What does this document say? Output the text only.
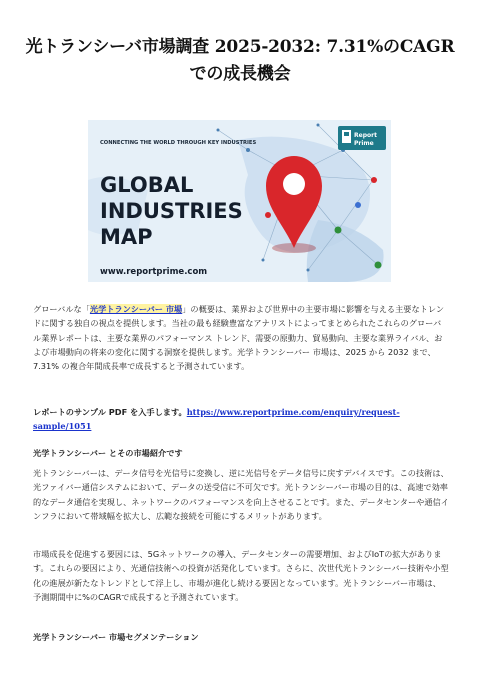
光トランシーバ市場調査 2025-2032: 7.31%のCAGRでの成長機会
CONNECTING THE WORLD THROUGH KEY INDUSTRIES
GLOBAL
INDUSTRIES
MAP
www.reportprime.com
Report
Prime
グローバルな「光学トランシーバー 市場」の概要は、業界および世界中の主要市場に影響を与える主要なトレンドに関する独自の視点を提供します。当社の最も経験豊富なアナリストによってまとめられたこれらのグローバル業界レポートは、主要な業界のパフォーマンス トレンド、需要の原動力、貿易動向、主要な業界ライバル、および市場動向の将来の変化に関する洞察を提供します。光学トランシーバー 市場は、2025 から 2032 まで、7.31% の複合年間成長率で成長すると予測されています。
レポートのサンプル PDF を入手します。https://www.reportprime.com/enquiry/request-sample/1051
光学トランシーバー とその市場紹介です
光トランシーバーは、データ信号を光信号に変換し、逆に光信号をデータ信号に戻すデバイスです。この技術は、光ファイバー通信システムにおいて、データの送受信に不可欠です。光トランシーバー市場の目的は、高速で効率的なデータ通信を実現し、ネットワークのパフォーマンスを向上させることです。また、データセンターや通信インフラにおいて帯域幅を拡大し、広範な接続を可能にするメリットがあります。
市場成長を促進する要因には、5Gネットワークの導入、データセンターの需要増加、およびIoTの拡大があります。これらの要因により、光通信技術への投資が活発化しています。さらに、次世代光トランシーバー技術や小型化の進展が新たなトレンドとして浮上し、市場が進化し続ける要因となっています。光トランシーバー市場は、予測期間中に%のCAGRで成長すると予測されています。
光学トランシーバー 市場セグメンテーション
